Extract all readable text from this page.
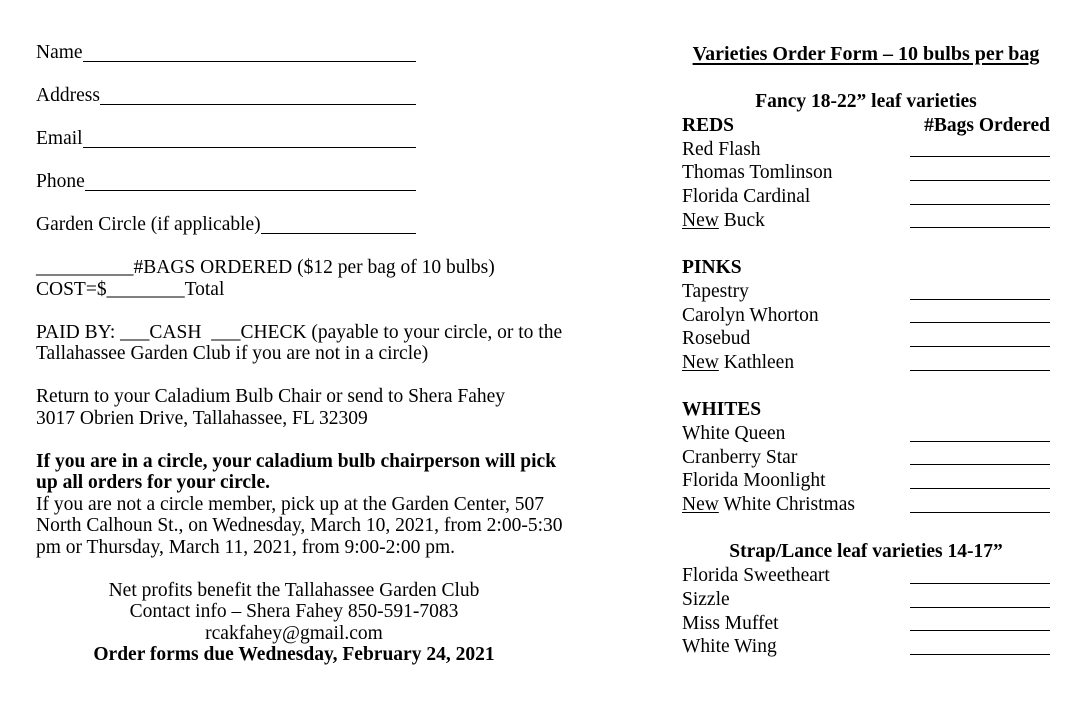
Name
Address
Email
Phone
Garden Circle (if applicable)
__________#BAGS ORDERED ($12 per bag of 10 bulbs)
COST=$________Total
PAID BY: ___CASH  ___CHECK (payable to your circle, or to the
Tallahassee Garden Club if you are not in a circle)
Return to your Caladium Bulb Chair or send to Shera Fahey
3017 Obrien Drive, Tallahassee, FL 32309
If you are in a circle, your caladium bulb chairperson will pick
up all orders for your circle.
If you are not a circle member, pick up at the Garden Center, 507
North Calhoun St., on Wednesday, March 10, 2021, from 2:00-5:30
pm or Thursday, March 11, 2021, from 9:00-2:00 pm.
Net profits benefit the Tallahassee Garden Club
Contact info – Shera Fahey 850-591-7083
rcakfahey@gmail.com
Order forms due Wednesday, February 24, 2021
Varieties Order Form – 10 bulbs per bag
Fancy 18-22” leaf varieties
REDS	#Bags Ordered
Red Flash
Thomas Tomlinson
Florida Cardinal
New Buck
PINKS
Tapestry
Carolyn Whorton
Rosebud
New Kathleen
WHITES
White Queen
Cranberry Star
Florida Moonlight
New White Christmas
Strap/Lance leaf varieties 14-17”
Florida Sweetheart
Sizzle
Miss Muffet
White Wing
